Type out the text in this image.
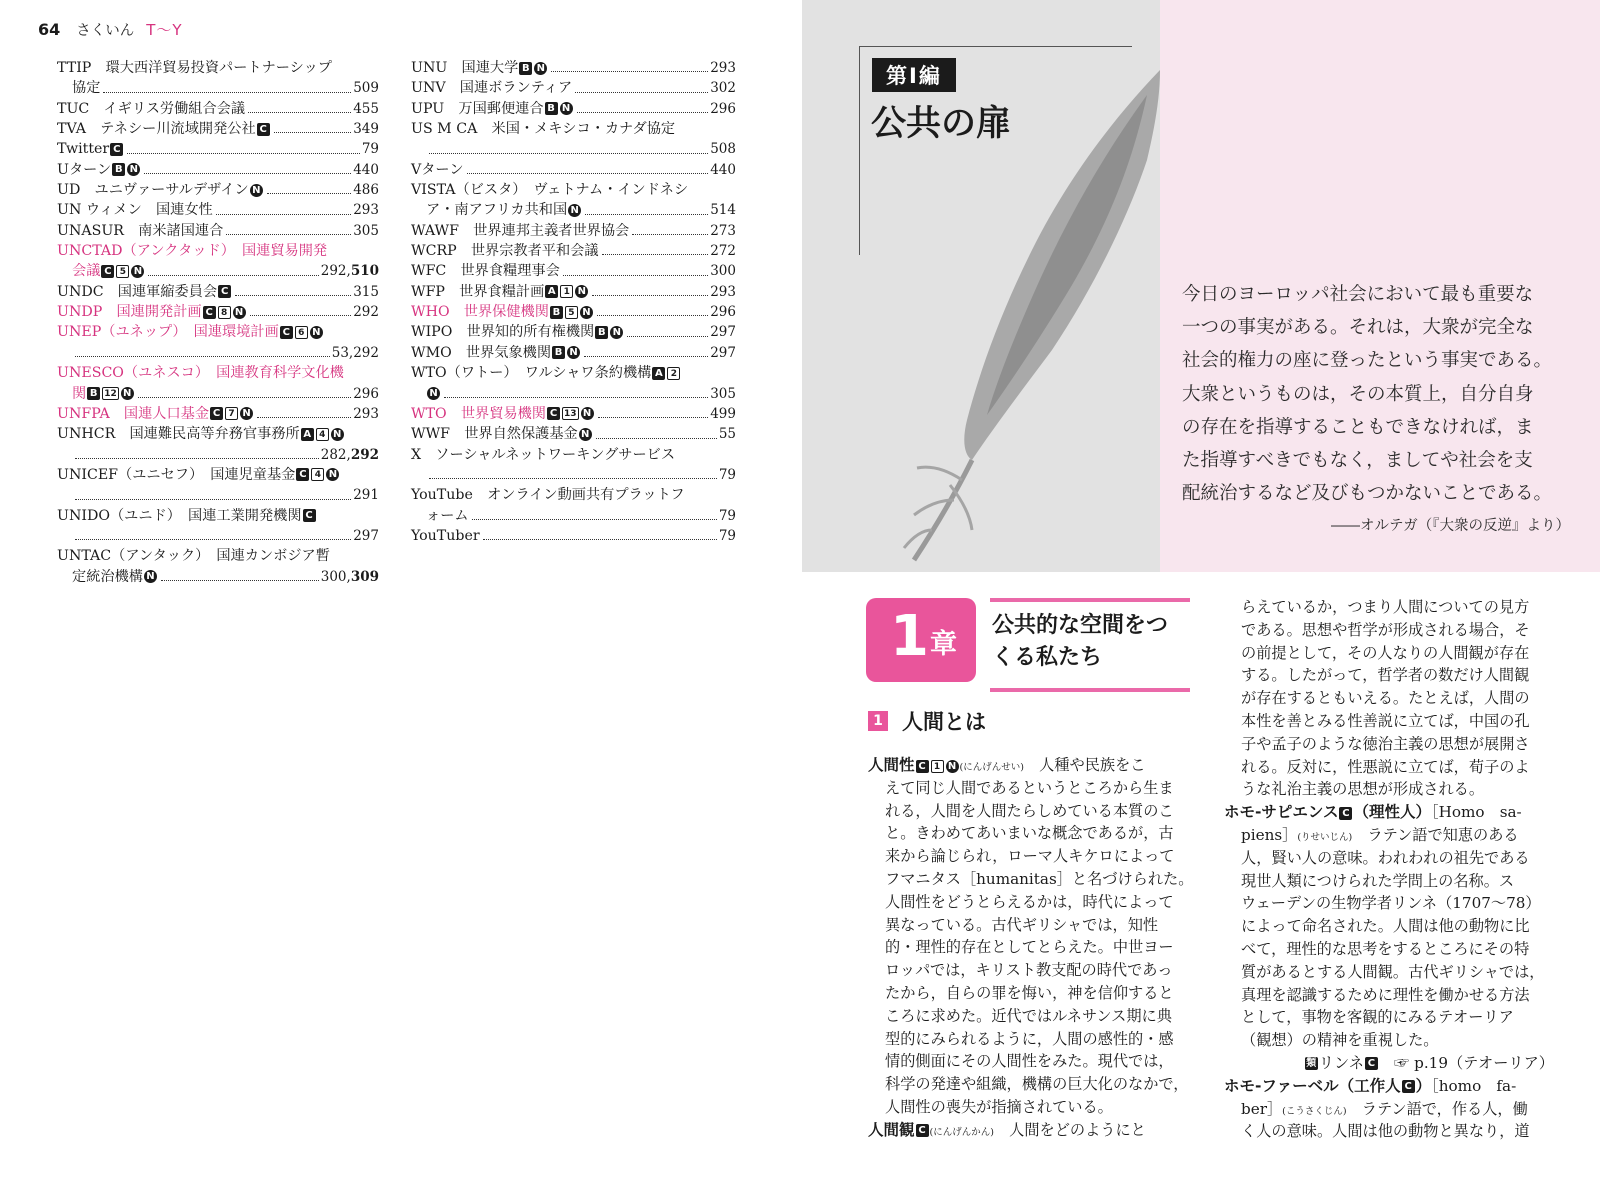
64 さくいん T～Y
TTIP　環大西洋貿易投資パートナーシップ
協定	509
TUC　イギリス労働組合会議	455
TVA　テネシー川流域開発公社 C	349
Twitter C	79
Uターン B N	440
UD　ユニヴァーサルデザイン N	486
UN ウィメン　国連女性	293
UNASUR　南米諸国連合	305
UNCTAD（アンクタッド）　国連貿易開発
会議 C 5 N	292,510
UNDC　国連軍縮委員会 C	315
UNDP　国連開発計画 C 8 N	292
UNEP（ユネップ）　国連環境計画 C 6 N
53,292
UNESCO（ユネスコ）　国連教育科学文化機
関 B 12 N	296
UNFPA　国連人口基金 C 7 N	293
UNHCR　国連難民高等弁務官事務所 A 4 N
282,292
UNICEF（ユニセフ）　国連児童基金 C 4 N
291
UNIDO（ユニド）　国連工業開発機関 C
297
UNTAC（アンタック）　国連カンボジア暫
定統治機構 N	300,309
UNU　国連大学 B N	293
UNV　国連ボランティア	302
UPU　万国郵便連合 B N	296
US M CA　米国・メキシコ・カナダ協定
508
Vターン	440
VISTA（ビスタ）　ヴェトナム・インドネシ
ア・南アフリカ共和国 N	514
WAWF　世界連邦主義者世界協会	273
WCRP　世界宗教者平和会議	272
WFC　世界食糧理事会	300
WFP　世界食糧計画 A 1 N	293
WHO　世界保健機関 B 5 N	296
WIPO　世界知的所有権機関 B N	297
WMO　世界気象機関 B N	297
WTO（ワトー）　ワルシャワ条約機構 A 2
N	305
WTO　世界貿易機関 C 13 N	499
WWF　世界自然保護基金 N	55
X　ソーシャルネットワーキングサービス
79
YouTube　オンライン動画共有プラットフ
ォーム	79
YouTuber	79
第Ⅰ編
公共の扉
今日のヨーロッパ社会において最も重要な
一つの事実がある。それは，大衆が完全な
社会的権力の座に登ったという事実である。
大衆というものは，その本質上，自分自身
の存在を指導することもできなければ，ま
た指導すべきでもなく，ましてや社会を支
配統治するなど及びもつかないことである。
――オルテガ（『大衆の反逆』より）
1 章
公共的な空間をつ
くる私たち
1 人間とは
人間性 C 1 N (にんげんせい)　人種や民族をこ
えて同じ人間であるというところから生ま
れる，人間を人間たらしめている本質のこ
と。きわめてあいまいな概念であるが，古
来から論じられ，ローマ人キケロによって
フマニタス［humanitas］と名づけられた。
人間性をどうとらえるかは，時代によって
異なっている。古代ギリシャでは，知性
的・理性的存在としてとらえた。中世ヨー
ロッパでは，キリスト教支配の時代であっ
たから，自らの罪を悔い，神を信仰すると
ころに求めた。近代ではルネサンス期に典
型的にみられるように，人間の感性的・感
情的側面にその人間性をみた。現代では，
科学の発達や組織，機構の巨大化のなかで，
人間性の喪失が指摘されている。
人間観 C (にんげんかん)　人間をどのようにと
らえているか，つまり人間についての見方
である。思想や哲学が形成される場合，そ
の前提として，その人なりの人間観が存在
する。したがって，哲学者の数だけ人間観
が存在するともいえる。たとえば，人間の
本性を善とみる性善説に立てば，中国の孔
子や孟子のような徳治主義の思想が展開さ
れる。反対に，性悪説に立てば，荀子のよ
うな礼治主義の思想が形成される。
ホモ-サピエンス C （理性人）［Homo　sa-
piens］(りせいじん)　ラテン語で知恵のある
人，賢い人の意味。われわれの祖先である
現世人類につけられた学問上の名称。ス
ウェーデンの生物学者リンネ（1707～78）
によって命名された。人間は他の動物に比
べて，理性的な思考をするところにその特
質があるとする人間観。古代ギリシャでは，
真理を認識するために理性を働かせる方法
として，事物を客観的にみるテオーリア
（観想）の精神を重視した。
類 リンネ C　☞ p.19（テオーリア）
ホモ-ファーベル（工作人 C ）［homo　fa-
ber］(こうさくじん)　ラテン語で，作る人，働
く人の意味。人間は他の動物と異なり，道
